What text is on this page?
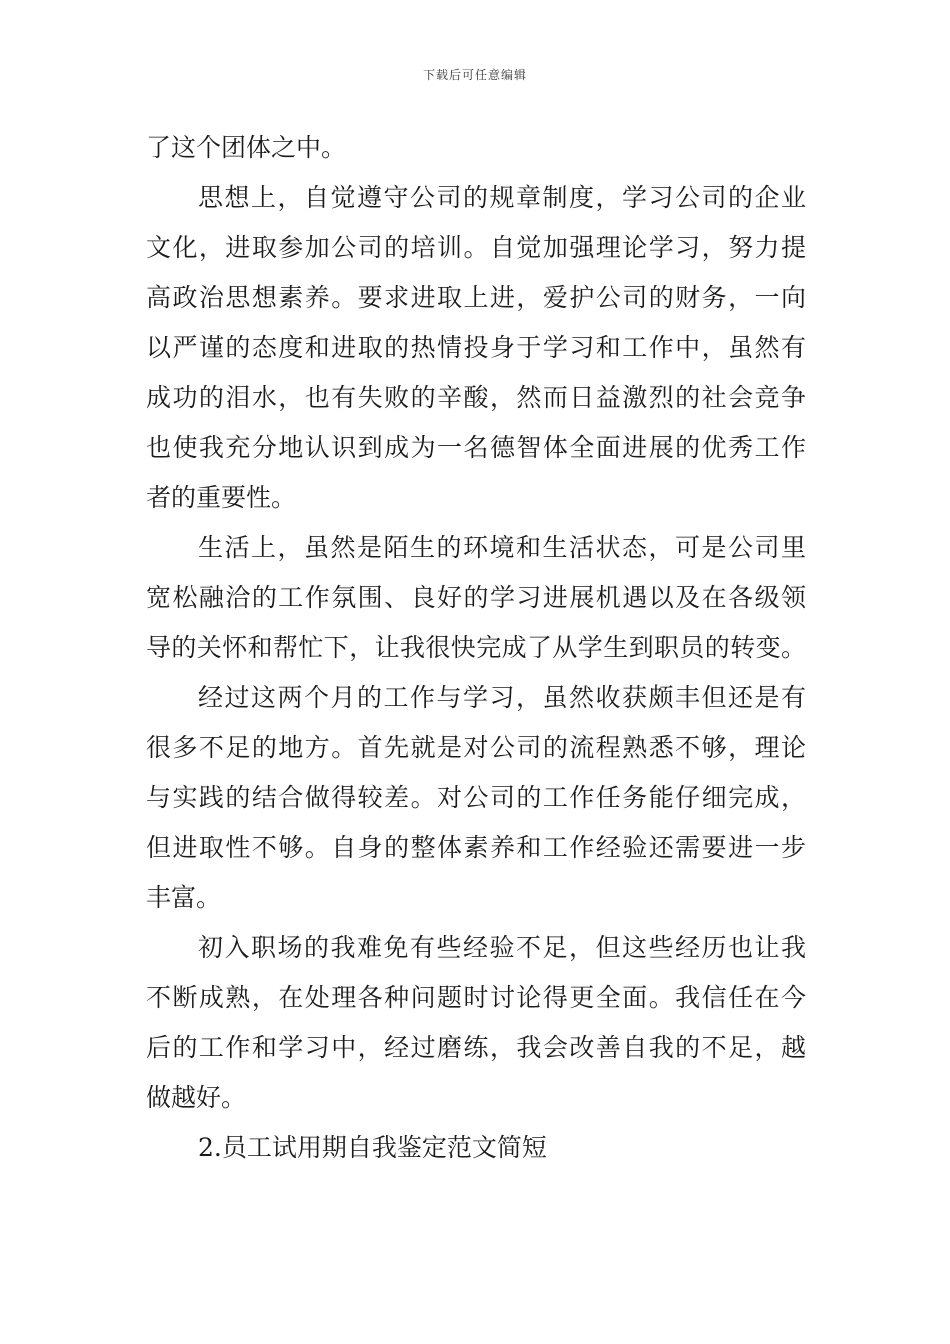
下载后可任意编辑
了这个团体之中。
思想上，自觉遵守公司的规章制度，学习公司的企业
文化，进取参加公司的培训。自觉加强理论学习，努力提
高政治思想素养。要求进取上进，爱护公司的财务，一向
以严谨的态度和进取的热情投身于学习和工作中，虽然有
成功的泪水，也有失败的辛酸，然而日益激烈的社会竞争
也使我充分地认识到成为一名德智体全面进展的优秀工作
者的重要性。
生活上，虽然是陌生的环境和生活状态，可是公司里
宽松融洽的工作氛围、良好的学习进展机遇以及在各级领
导的关怀和帮忙下，让我很快完成了从学生到职员的转变。
经过这两个月的工作与学习，虽然收获颇丰但还是有
很多不足的地方。首先就是对公司的流程熟悉不够，理论
与实践的结合做得较差。对公司的工作任务能仔细完成，
但进取性不够。自身的整体素养和工作经验还需要进一步
丰富。
初入职场的我难免有些经验不足，但这些经历也让我
不断成熟，在处理各种问题时讨论得更全面。我信任在今
后的工作和学习中，经过磨练，我会改善自我的不足，越
做越好。
2.员工试用期自我鉴定范文简短
